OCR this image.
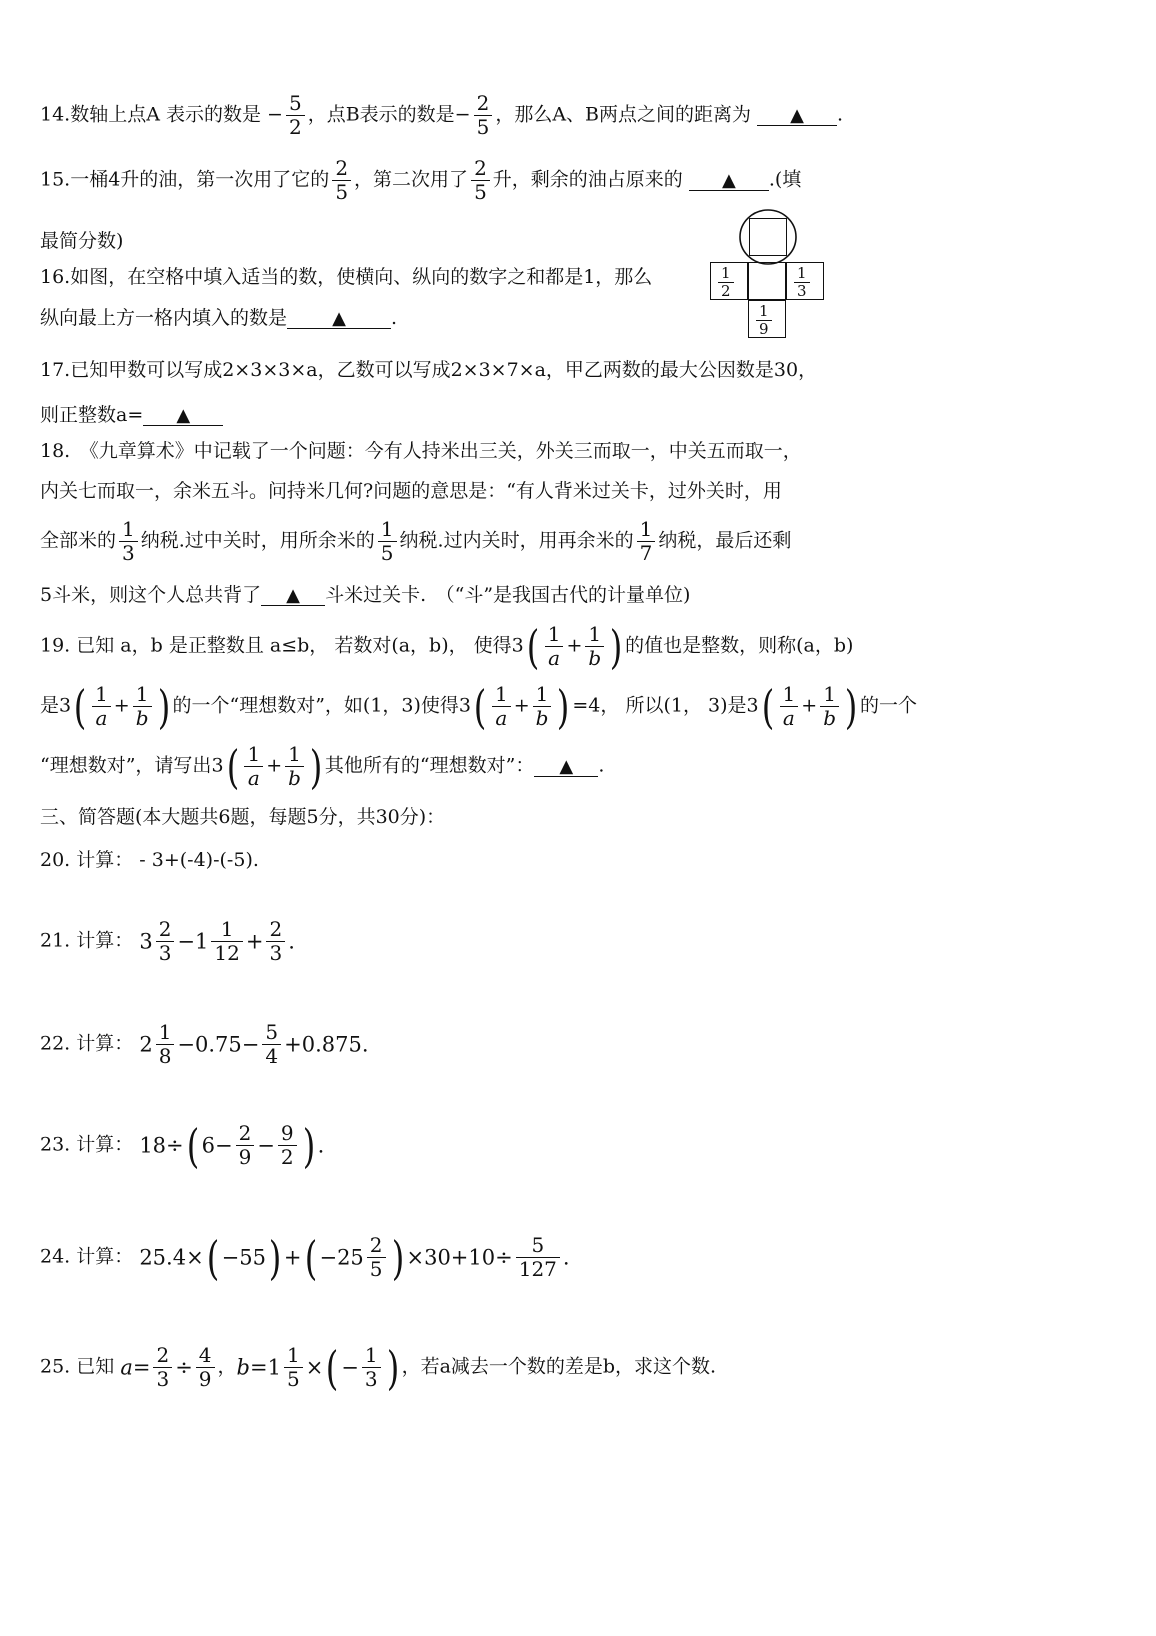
14.数轴上点A 表示的数是 − $\frac{5}{2}$ ，点B表示的数是− $\frac{2}{5}$ ，那么A、B两点之间的距离为 ▲ .
15.一桶4升的油，第一次用了它的 $\frac{2}{5}$ ，第二次用了 $\frac{2}{5}$ 升，剩余的油占原来的 ▲ .(填
最简分数)
16.如图，在空格中填入适当的数，使横向、纵向的数字之和都是1，那么
纵向最上方一格内填入的数是	▲ .
$\frac{1}{2}$	$\frac{1}{3}$
$\frac{1}{9}$
17.已知甲数可以写成2×3×3×a，乙数可以写成2×3×7×a，甲乙两数的最大公因数是30，
则正整数a= ▲
18.　《九章算术》中记载了一个问题：今有人持米出三关，外关三而取一，中关五而取一，
内关七而取一，余米五斗。问持米几何?问题的意思是：“有人背米过关卡，过外关时，用
全部米的 $\frac{1}{3}$ 纳税.过中关时，用所余米的 $\frac{1}{5}$ 纳税.过内关时，用再余米的 $\frac{1}{7}$ 纳税，最后还剩
5斗米，则这个人总共背了 ▲ 斗米过关卡.　（“斗”是我国古代的计量单位)
19. 已知 a，b 是正整数且 a≤b， 若数对(a，b)， 使得$3( \frac{1}{a} + \frac{1}{b}$ ) 的值也是整数，则称(a，b)
是$3( \frac{1}{a} + \frac{1}{b}$ ) 的一个“理想数对”，如(1，3)使得$3( \frac{1}{a} + \frac{1}{b}$ ) =4， 所以(1， 3)是$3( \frac{1}{a} + \frac{1}{b}$ ) 的一个
“理想数对”，请写出$3( \frac{1}{a} + \frac{1}{b}$ ) 其他所有的“理想数对”： ▲ .
三、简答题(本大题共6题，每题5分，共30分)：
20. 计算： - 3+(-4)-(-5).
21. 计算： $3 \frac{2}{3} -1 \frac{1}{12} + \frac{2}{3}$ .
22. 计算： $2 \frac{1}{8} -0.75- \frac{5}{4} +0.875$.
23. 计算： 18÷( $6- \frac{2}{9} - \frac{9}{2}$ ) .
24. 计算： 25.4×( −55) +( $-25 \frac{2}{5}$ ) $\times 30+10\div \frac{5}{127}$ .
25. 已知 $a= \frac{2}{3} \div \frac{4}{9}$ ，$b=1 \frac{1}{5}$ ×( − $\frac{1}{3}$ ) ，若a减去一个数的差是b，求这个数.
